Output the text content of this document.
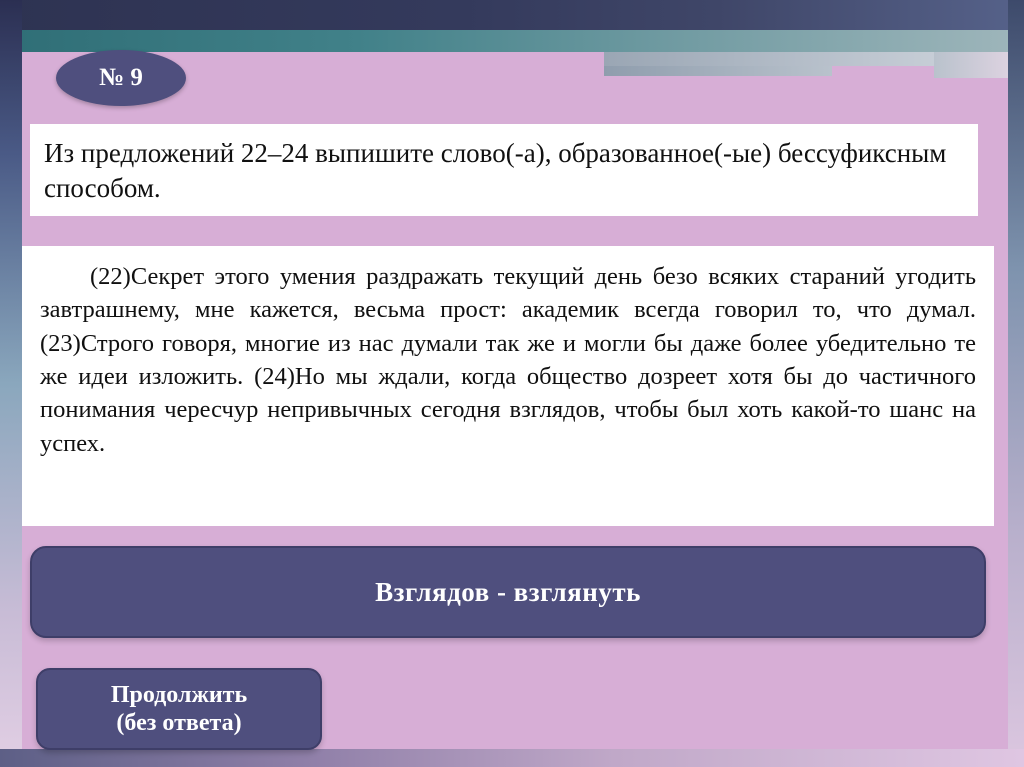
№ 9
Из предложений 22–24 выпишите слово(-а), образованное(-ые) бессуфиксным способом.

(22)Секрет этого умения раздражать текущий день безо всяких стараний угодить завтрашнему, мне кажется, весьма прост: академик всегда говорил то, что думал. (23)Строго говоря, многие из нас думали так же и могли бы даже более убедительно те же идеи изложить. (24)Но мы ждали, когда общество дозреет хотя бы до частичного понимания чересчур непривычных сегодня взглядов, чтобы был хоть какой-то шанс на успех.

Взглядов - взглянуть
Продолжить
(без ответа)
